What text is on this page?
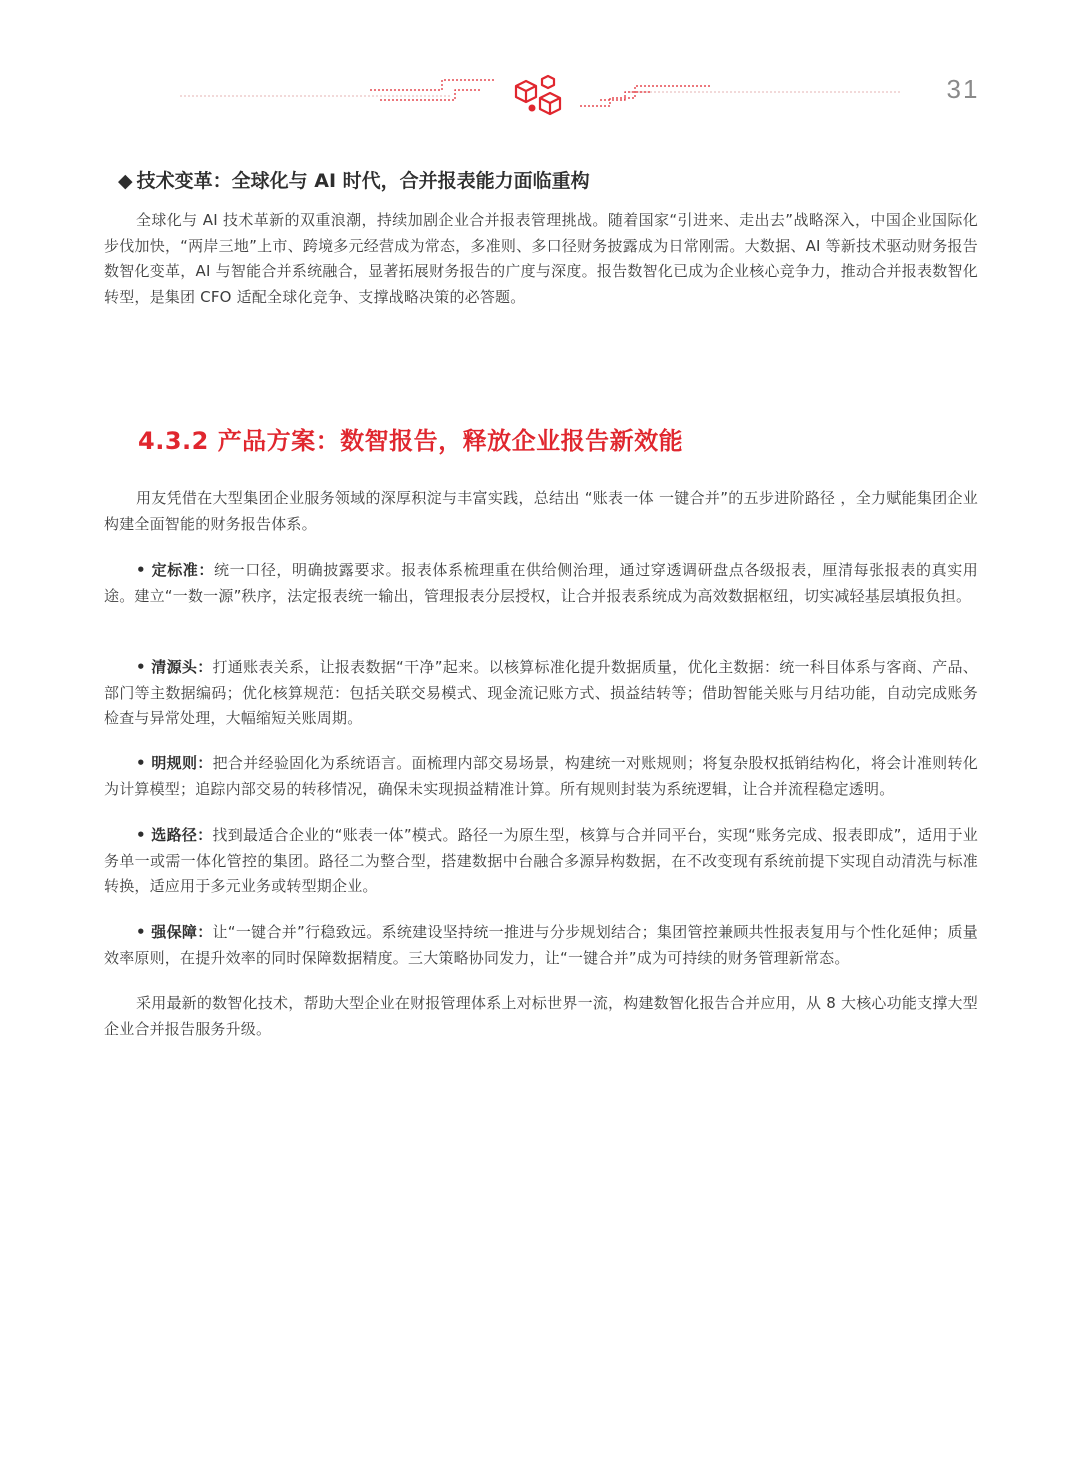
31
◆ 技术变革：全球化与 AI 时代，合并报表能力面临重构
全球化与 AI 技术革新的双重浪潮，持续加剧企业合并报表管理挑战。随着国家“引进来、走出去”战略深入，中国企业国际化步伐加快，“两岸三地”上市、跨境多元经营成为常态，多准则、多口径财务披露成为日常刚需。大数据、AI 等新技术驱动财务报告数智化变革，AI 与智能合并系统融合，显著拓展财务报告的广度与深度。报告数智化已成为企业核心竞争力，推动合并报表数智化转型，是集团 CFO 适配全球化竞争、支撑战略决策的必答题。
4.3.2 产品方案：数智报告，释放企业报告新效能
用友凭借在大型集团企业服务领域的深厚积淀与丰富实践，总结出 “账表一体 一键合并”的五步进阶路径 ，全力赋能集团企业构建全面智能的财务报告体系。
• 定标准：统一口径，明确披露要求。报表体系梳理重在供给侧治理，通过穿透调研盘点各级报表，厘清每张报表的真实用途。建立“一数一源”秩序，法定报表统一输出，管理报表分层授权，让合并报表系统成为高效数据枢纽，切实减轻基层填报负担。
• 清源头：打通账表关系，让报表数据“干净”起来。以核算标准化提升数据质量，优化主数据：统一科目体系与客商、产品、部门等主数据编码；优化核算规范：包括关联交易模式、现金流记账方式、损益结转等；借助智能关账与月结功能，自动完成账务检查与异常处理，大幅缩短关账周期。
• 明规则：把合并经验固化为系统语言。面梳理内部交易场景，构建统一对账规则；将复杂股权抵销结构化，将会计准则转化为计算模型；追踪内部交易的转移情况，确保未实现损益精准计算。所有规则封装为系统逻辑，让合并流程稳定透明。
• 选路径：找到最适合企业的“账表一体”模式。路径一为原生型，核算与合并同平台，实现“账务完成、报表即成”，适用于业务单一或需一体化管控的集团。路径二为整合型，搭建数据中台融合多源异构数据，在不改变现有系统前提下实现自动清洗与标准转换，适应用于多元业务或转型期企业。
• 强保障：让“一键合并”行稳致远。系统建设坚持统一推进与分步规划结合；集团管控兼顾共性报表复用与个性化延伸；质量效率原则，在提升效率的同时保障数据精度。三大策略协同发力，让“一键合并”成为可持续的财务管理新常态。
采用最新的数智化技术，帮助大型企业在财报管理体系上对标世界一流，构建数智化报告合并应用，从 8 大核心功能支撑大型企业合并报告服务升级。
